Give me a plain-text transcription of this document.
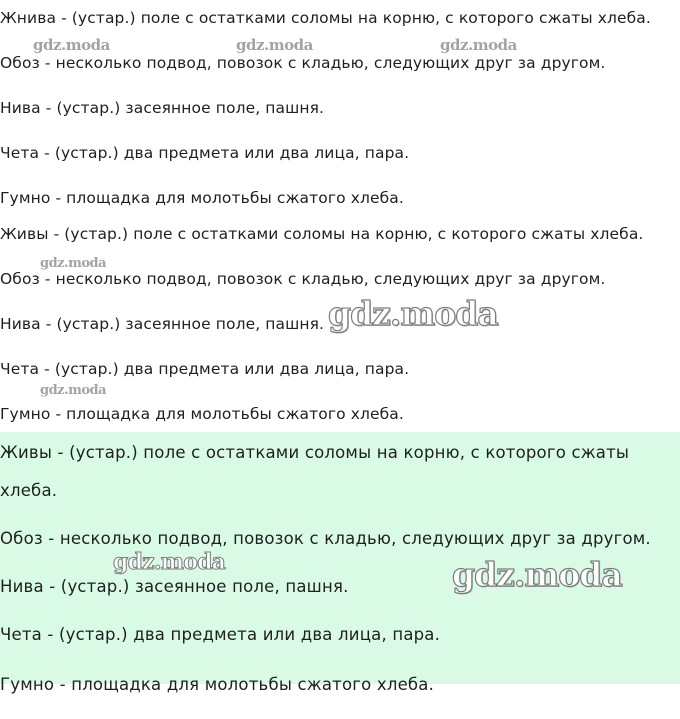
Жнива - (устар.) поле с остатками соломы на корню, с которого сжаты хлеба.
Обоз - несколько подвод, повозок с кладью, следующих друг за другом.
Нива - (устар.) засеянное поле, пашня.
Чета - (устар.) два предмета или два лица, пара.
Гумно - площадка для молотьбы сжатого хлеба.
Живы - (устар.) поле с остатками соломы на корню, с которого сжаты хлеба.
Обоз - несколько подвод, повозок с кладью, следующих друг за другом.
Нива - (устар.) засеянное поле, пашня.
Чета - (устар.) два предмета или два лица, пара.
Гумно - площадка для молотьбы сжатого хлеба.
Живы - (устар.) поле с остатками соломы на корню, с которого сжаты
хлеба.
Обоз - несколько подвод, повозок с кладью, следующих друг за другом.
Нива - (устар.) засеянное поле, пашня.
Чета - (устар.) два предмета или два лица, пара.
Гумно - площадка для молотьбы сжатого хлеба.
gdz.moda	gdz.moda	gdz.moda
gdz.moda
gdz.moda
gdz.moda
gdz.moda	gdz.moda
